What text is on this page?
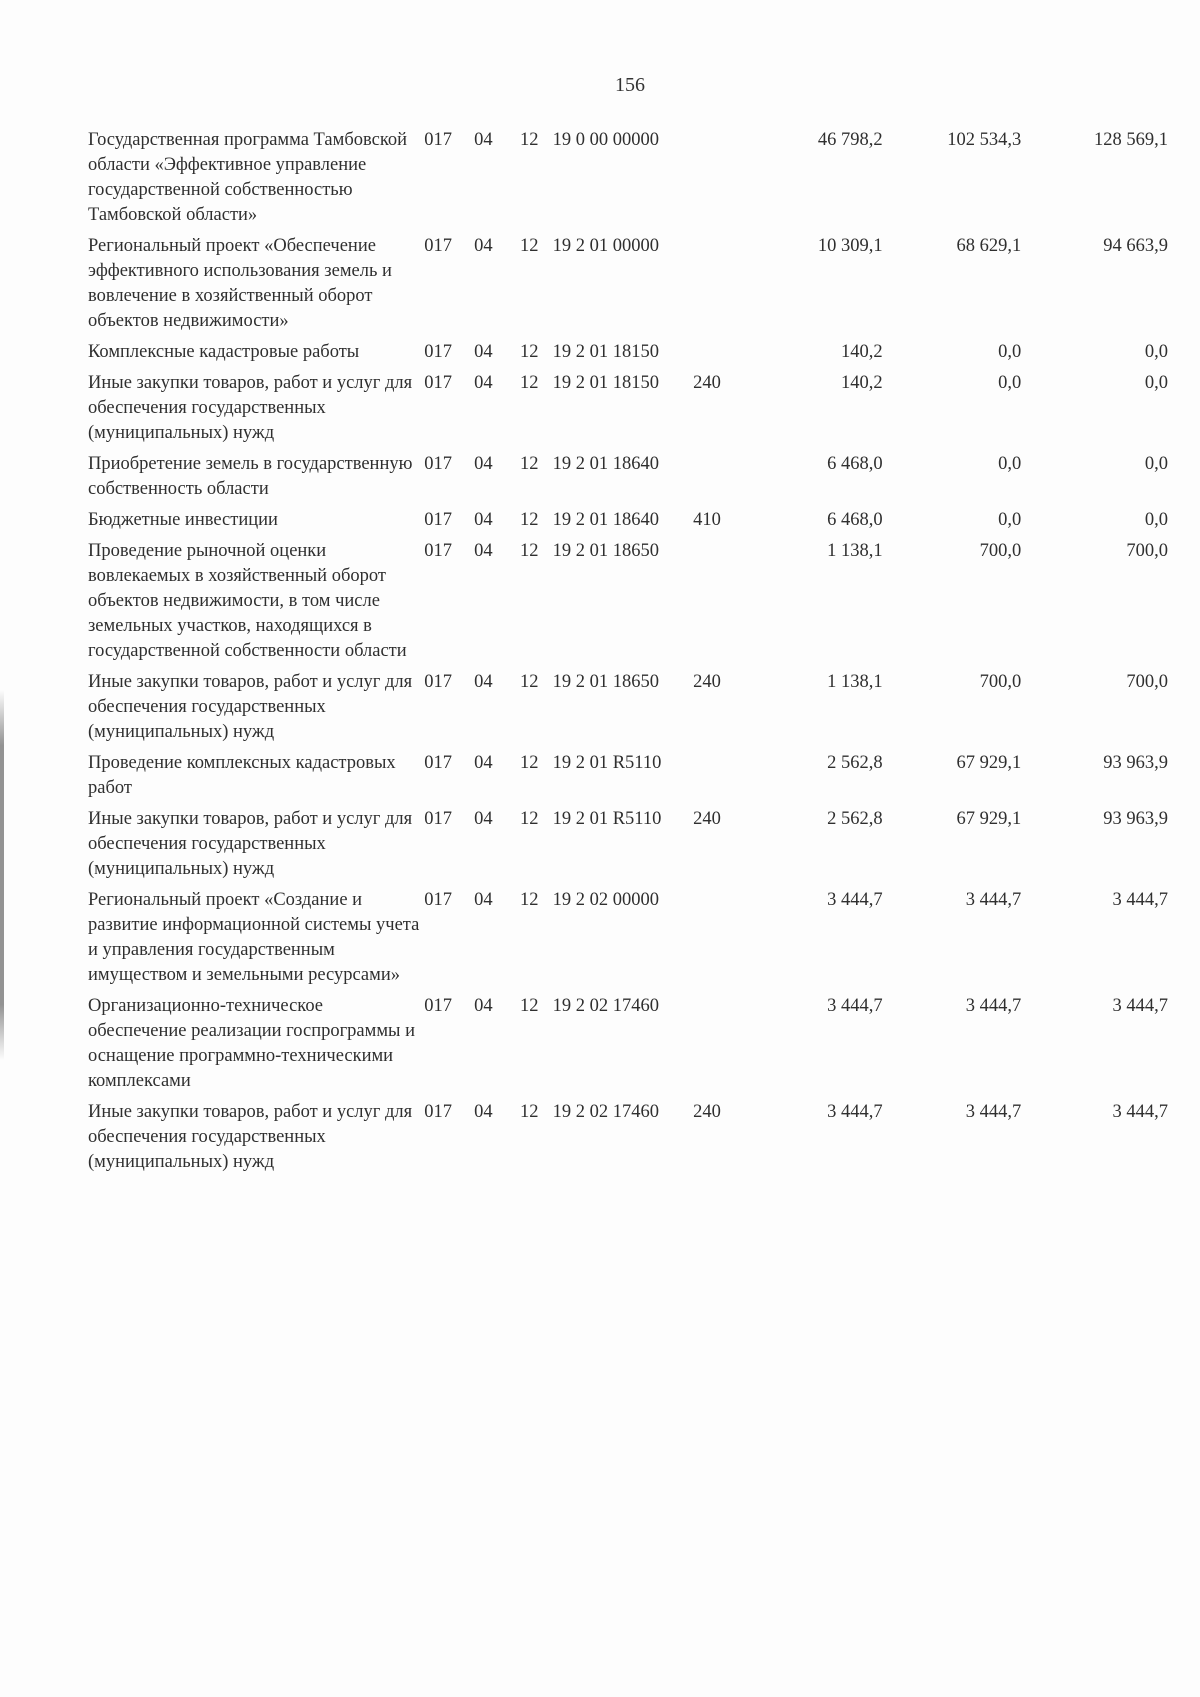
156
Государственная программа Тамбовской области «Эффективное управление государственной собственностью Тамбовской области»	017	04	12	19 0 00 00000		46 798,2	102 534,3	128 569,1
Региональный проект «Обеспечение эффективного использования земель и вовлечение в хозяйственный оборот объектов недвижимости»	017	04	12	19 2 01 00000		10 309,1	68 629,1	94 663,9
Комплексные кадастровые работы	017	04	12	19 2 01 18150		140,2	0,0	0,0
Иные закупки товаров, работ и услуг для обеспечения государственных (муниципальных) нужд	017	04	12	19 2 01 18150	240	140,2	0,0	0,0
Приобретение земель в государственную собственность области	017	04	12	19 2 01 18640		6 468,0	0,0	0,0
Бюджетные инвестиции	017	04	12	19 2 01 18640	410	6 468,0	0,0	0,0
Проведение рыночной оценки вовлекаемых в хозяйственный оборот объектов недвижимости, в том числе земельных участков, находящихся в государственной собственности области	017	04	12	19 2 01 18650		1 138,1	700,0	700,0
Иные закупки товаров, работ и услуг для обеспечения государственных (муниципальных) нужд	017	04	12	19 2 01 18650	240	1 138,1	700,0	700,0
Проведение комплексных кадастровых работ	017	04	12	19 2 01 R5110		2 562,8	67 929,1	93 963,9
Иные закупки товаров, работ и услуг для обеспечения государственных (муниципальных) нужд	017	04	12	19 2 01 R5110	240	2 562,8	67 929,1	93 963,9
Региональный проект «Создание и развитие информационной системы учета и управления государственным имуществом и земельными ресурсами»	017	04	12	19 2 02 00000		3 444,7	3 444,7	3 444,7
Организационно-техническое обеспечение реализации госпрограммы и оснащение программно-техническими комплексами	017	04	12	19 2 02 17460		3 444,7	3 444,7	3 444,7
Иные закупки товаров, работ и услуг для обеспечения государственных (муниципальных) нужд	017	04	12	19 2 02 17460	240	3 444,7	3 444,7	3 444,7
